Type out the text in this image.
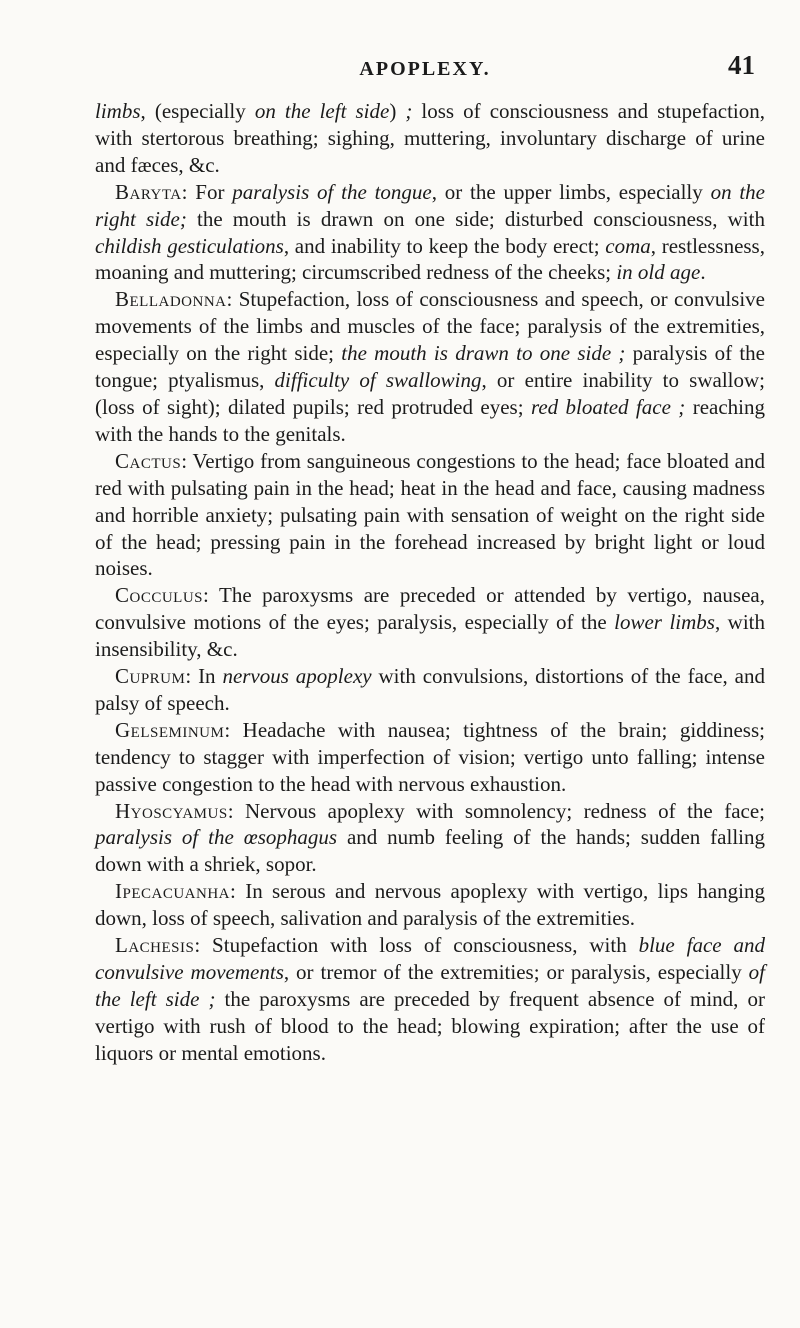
APOPLEXY.	41

limbs, (especially on the left side) ; loss of consciousness and stupefaction, with stertorous breathing; sighing, muttering, involuntary discharge of urine and fæces, &c.

Baryta: For paralysis of the tongue, or the upper limbs, especially on the right side; the mouth is drawn on one side; disturbed consciousness, with childish gesticulations, and inability to keep the body erect; coma, restlessness, moaning and muttering; circumscribed redness of the cheeks; in old age.

Belladonna: Stupefaction, loss of consciousness and speech, or convulsive movements of the limbs and muscles of the face; paralysis of the extremities, especially on the right side; the mouth is drawn to one side ; paralysis of the tongue; ptyalismus, difficulty of swallowing, or entire inability to swallow; (loss of sight); dilated pupils; red protruded eyes; red bloated face ; reaching with the hands to the genitals.

Cactus: Vertigo from sanguineous congestions to the head; face bloated and red with pulsating pain in the head; heat in the head and face, causing madness and horrible anxiety; pulsating pain with sensation of weight on the right side of the head; pressing pain in the forehead increased by bright light or loud noises.

Cocculus: The paroxysms are preceded or attended by vertigo, nausea, convulsive motions of the eyes; paralysis, especially of the lower limbs, with insensibility, &c.

Cuprum: In nervous apoplexy with convulsions, distortions of the face, and palsy of speech.

Gelseminum: Headache with nausea; tightness of the brain; giddiness; tendency to stagger with imperfection of vision; vertigo unto falling; intense passive congestion to the head with nervous exhaustion.

Hyoscyamus: Nervous apoplexy with somnolency; redness of the face; paralysis of the œsophagus and numb feeling of the hands; sudden falling down with a shriek, sopor.

Ipecacuanha: In serous and nervous apoplexy with vertigo, lips hanging down, loss of speech, salivation and paralysis of the extremities.

Lachesis: Stupefaction with loss of consciousness, with blue face and convulsive movements, or tremor of the extremities; or paralysis, especially of the left side ; the paroxysms are preceded by frequent absence of mind, or vertigo with rush of blood to the head; blowing expiration; after the use of liquors or mental emotions.
